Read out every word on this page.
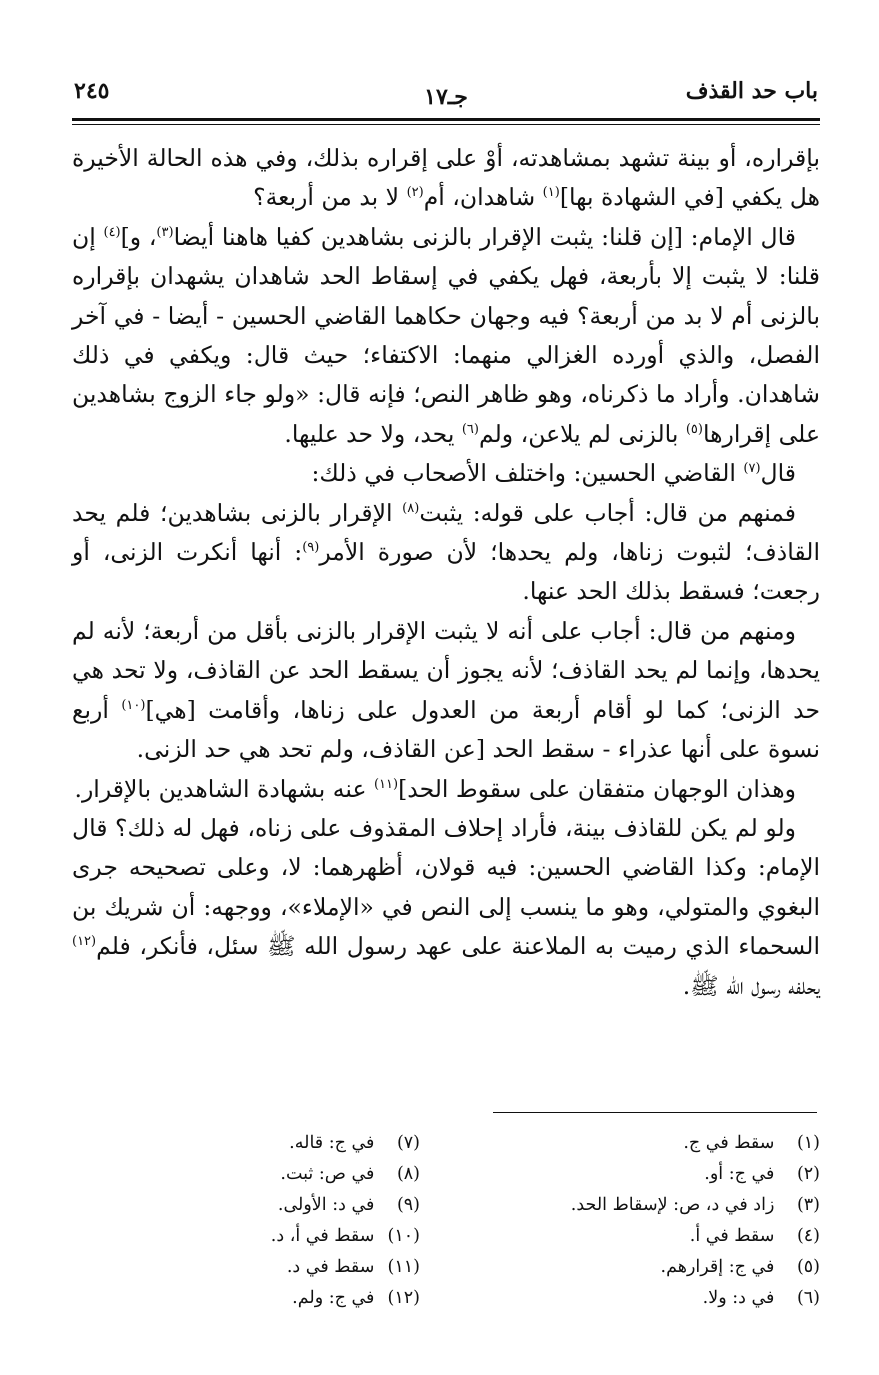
باب حد القذف
جـ١٧
٢٤٥

بإقراره، أو بينة تشهد بمشاهدته، أوْ على إقراره بذلك، وفي هذه الحالة الأخيرة هل يكفي [في الشهادة بها]$^{(١)}$ شاهدان، أم$^{(٢)}$ لا بد من أربعة؟

قال الإمام: [إن قلنا: يثبت الإقرار بالزنى بشاهدين كفيا هاهنا أيضا$^{(٣)}$، و]$^{(٤)}$ إن قلنا: لا يثبت إلا بأربعة، فهل يكفي في إسقاط الحد شاهدان يشهدان بإقراره بالزنى أم لا بد من أربعة؟ فيه وجهان حكاهما القاضي الحسين - أيضا - في آخر الفصل، والذي أورده الغزالي منهما: الاكتفاء؛ حيث قال: ويكفي في ذلك شاهدان. وأراد ما ذكرناه، وهو ظاهر النص؛ فإنه قال: «ولو جاء الزوج بشاهدين على إقرارها$^{(٥)}$ بالزنى لم يلاعن، ولم$^{(٦)}$ يحد، ولا حد عليها.

قال$^{(٧)}$ القاضي الحسين: واختلف الأصحاب في ذلك:

فمنهم من قال: أجاب على قوله: يثبت$^{(٨)}$ الإقرار بالزنى بشاهدين؛ فلم يحد القاذف؛ لثبوت زناها، ولم يحدها؛ لأن صورة الأمر$^{(٩)}$: أنها أنكرت الزنى، أو رجعت؛ فسقط بذلك الحد عنها.

ومنهم من قال: أجاب على أنه لا يثبت الإقرار بالزنى بأقل من أربعة؛ لأنه لم يحدها، وإنما لم يحد القاذف؛ لأنه يجوز أن يسقط الحد عن القاذف، ولا تحد هي حد الزنى؛ كما لو أقام أربعة من العدول على زناها، وأقامت [هي]$^{(١٠)}$ أربع نسوة على أنها عذراء - سقط الحد [عن القاذف، ولم تحد هي حد الزنى.

وهذان الوجهان متفقان على سقوط الحد]$^{(١١)}$ عنه بشهادة الشاهدين بالإقرار.

ولو لم يكن للقاذف بينة، فأراد إحلاف المقذوف على زناه، فهل له ذلك؟ قال الإمام: وكذا القاضي الحسين: فيه قولان، أظهرهما: لا، وعلى تصحيحه جرى البغوي والمتولي، وهو ما ينسب إلى النص في «الإملاء»، ووجهه: أن شريك بن السحماء الذي رميت به الملاعنة على عهد رسول الله ﷺ سئل، فأنكر، فلم$^{(١٢)}$ يحلفه رسول الله ﷺ.

(١) سقط في ج.
(٢) في ج: أو.
(٣) زاد في د، ص: لإسقاط الحد.
(٤) سقط في أ.
(٥) في ج: إقرارهم.
(٦) في د: ولا.
(٧) في ج: قاله.
(٨) في ص: ثبت.
(٩) في د: الأولى.
(١٠) سقط في أ، د.
(١١) سقط في د.
(١٢) في ج: ولم.
